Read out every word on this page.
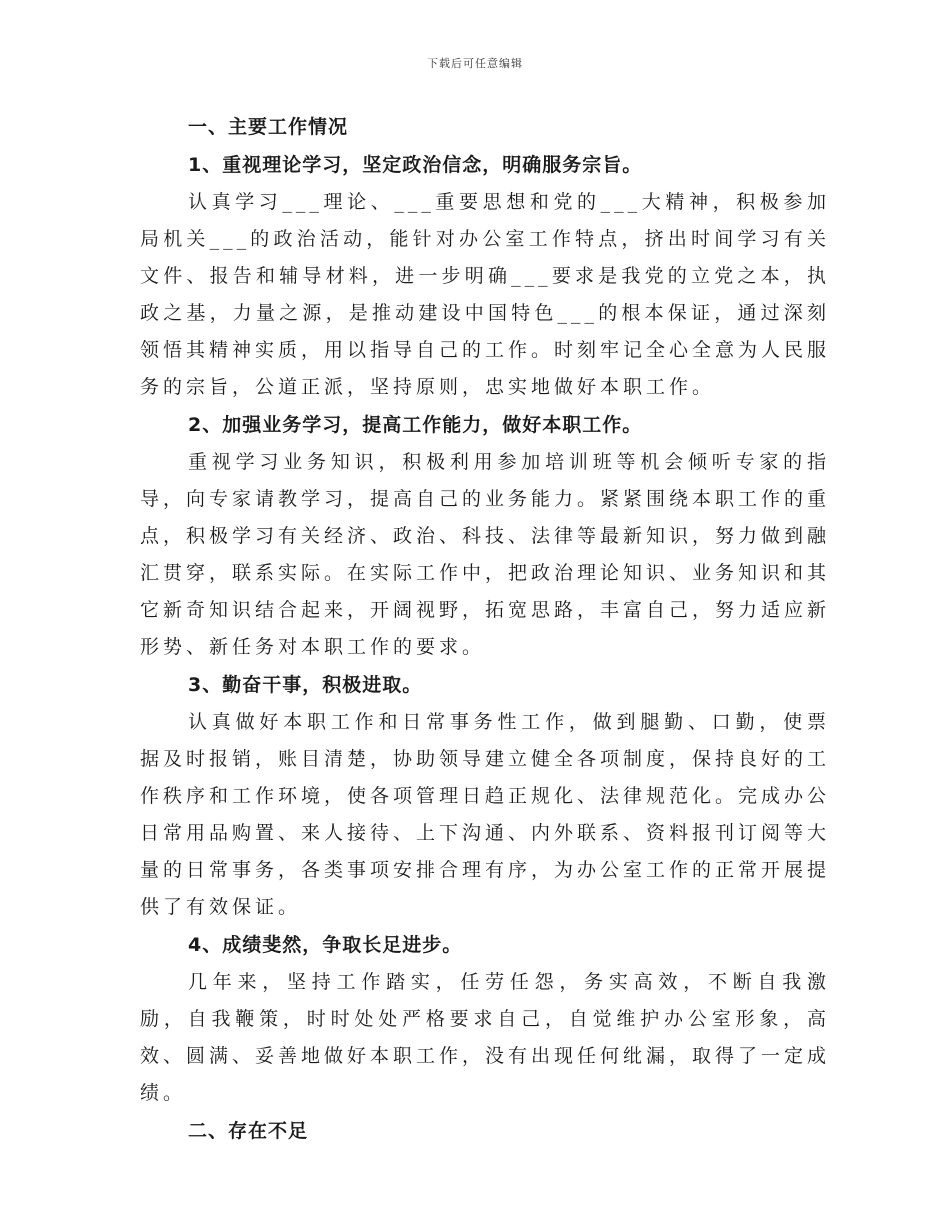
下载后可任意编辑
一、主要工作情况
1、重视理论学习，坚定政治信念，明确服务宗旨。

认真学习___理论、___重要思想和党的___大精神，积极参加局机关___的政治活动，能针对办公室工作特点，挤出时间学习有关文件、报告和辅导材料，进一步明确___要求是我党的立党之本，执政之基，力量之源，是推动建设中国特色___的根本保证，通过深刻领悟其精神实质，用以指导自己的工作。时刻牢记全心全意为人民服务的宗旨，公道正派，坚持原则，忠实地做好本职工作。

2、加强业务学习，提高工作能力，做好本职工作。

重视学习业务知识，积极利用参加培训班等机会倾听专家的指导，向专家请教学习，提高自己的业务能力。紧紧围绕本职工作的重点，积极学习有关经济、政治、科技、法律等最新知识，努力做到融汇贯穿，联系实际。在实际工作中，把政治理论知识、业务知识和其它新奇知识结合起来，开阔视野，拓宽思路，丰富自己，努力适应新形势、新任务对本职工作的要求。

3、勤奋干事，积极进取。

认真做好本职工作和日常事务性工作，做到腿勤、口勤，使票据及时报销，账目清楚，协助领导建立健全各项制度，保持良好的工作秩序和工作环境，使各项管理日趋正规化、法律规范化。完成办公日常用品购置、来人接待、上下沟通、内外联系、资料报刊订阅等大量的日常事务，各类事项安排合理有序，为办公室工作的正常开展提供了有效保证。

4、成绩斐然，争取长足进步。

几年来，坚持工作踏实，任劳任怨，务实高效，不断自我激励，自我鞭策，时时处处严格要求自己，自觉维护办公室形象，高效、圆满、妥善地做好本职工作，没有出现任何纰漏，取得了一定成绩。

二、存在不足
